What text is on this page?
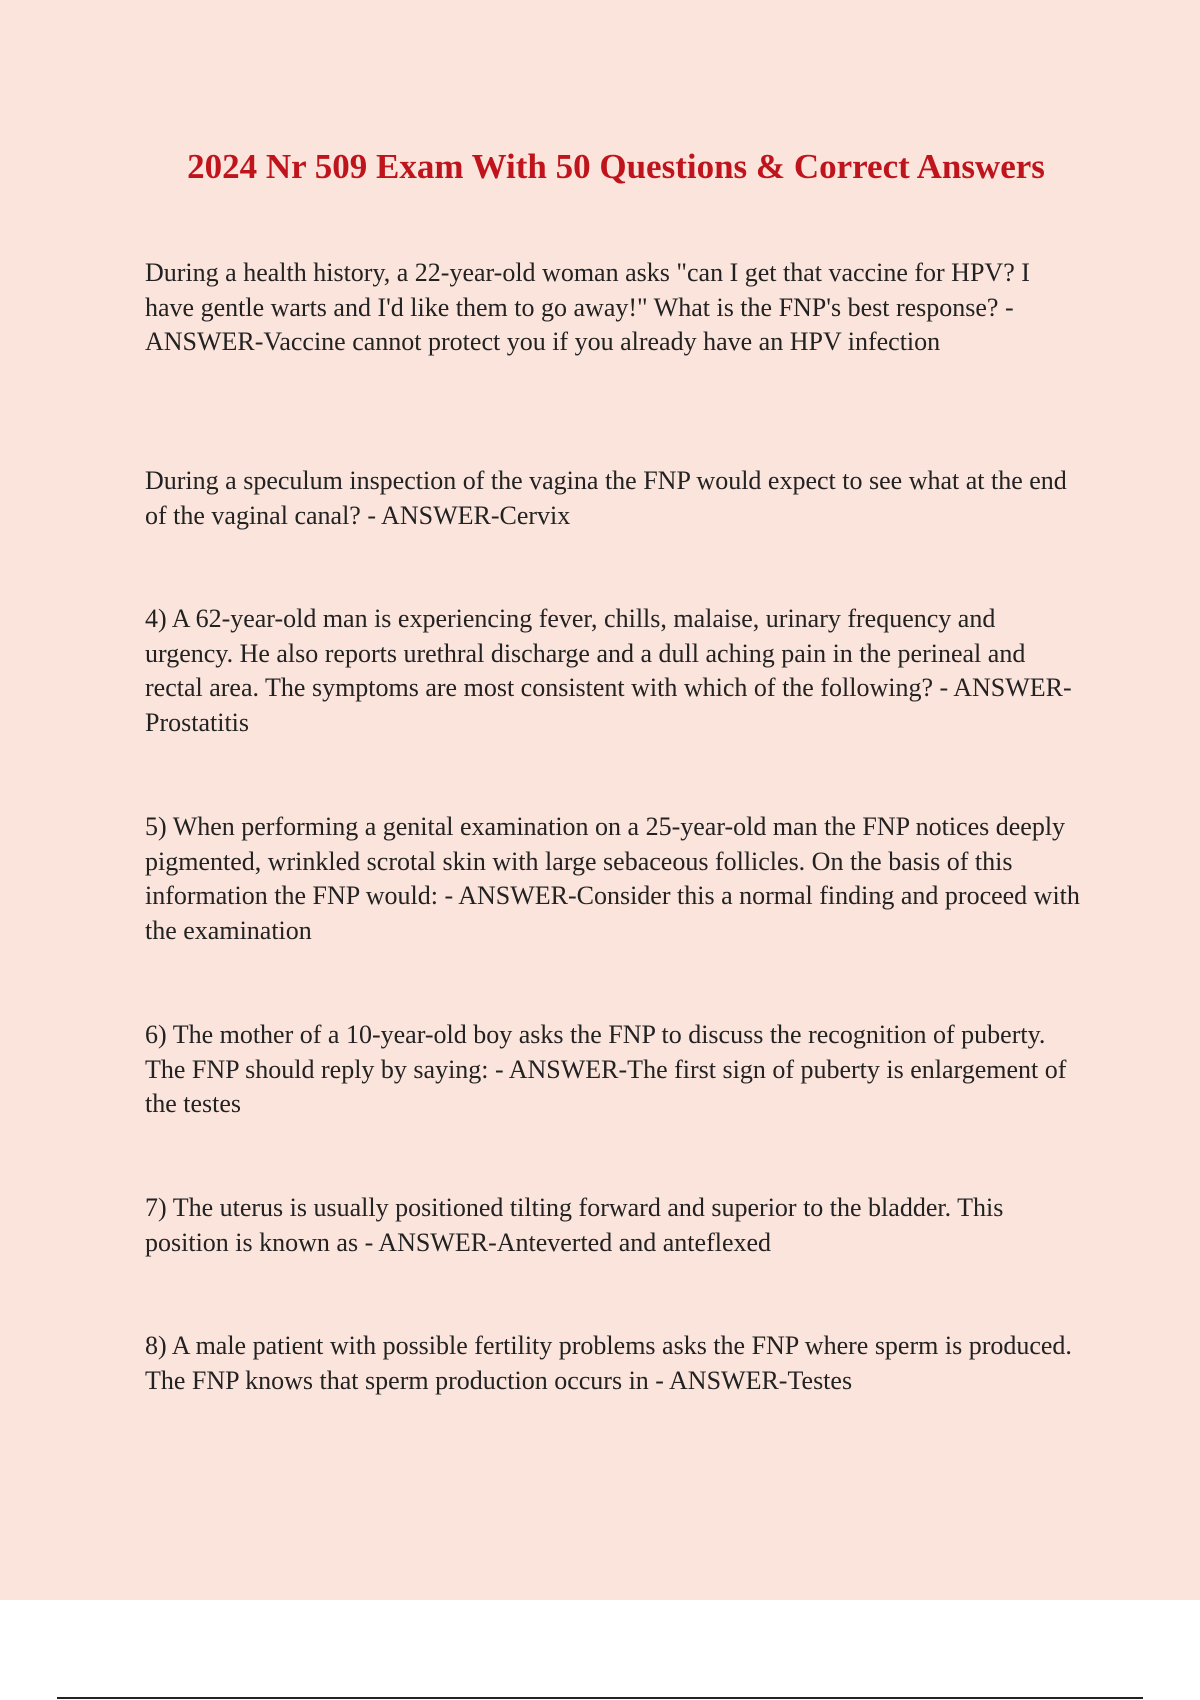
2024 Nr 509 Exam With 50 Questions & Correct Answers

During a health history, a 22-year-old woman asks "can I get that vaccine for HPV? I have gentle warts and I'd like them to go away!" What is the FNP's best response? - ANSWER-Vaccine cannot protect you if you already have an HPV infection

During a speculum inspection of the vagina the FNP would expect to see what at the end of the vaginal canal? - ANSWER-Cervix

4) A 62-year-old man is experiencing fever, chills, malaise, urinary frequency and urgency. He also reports urethral discharge and a dull aching pain in the perineal and rectal area. The symptoms are most consistent with which of the following? - ANSWER-Prostatitis

5) When performing a genital examination on a 25-year-old man the FNP notices deeply pigmented, wrinkled scrotal skin with large sebaceous follicles. On the basis of this information the FNP would: - ANSWER-Consider this a normal finding and proceed with the examination

6) The mother of a 10-year-old boy asks the FNP to discuss the recognition of puberty. The FNP should reply by saying: - ANSWER-The first sign of puberty is enlargement of the testes

7) The uterus is usually positioned tilting forward and superior to the bladder. This position is known as - ANSWER-Anteverted and anteflexed

8) A male patient with possible fertility problems asks the FNP where sperm is produced. The FNP knows that sperm production occurs in - ANSWER-Testes
